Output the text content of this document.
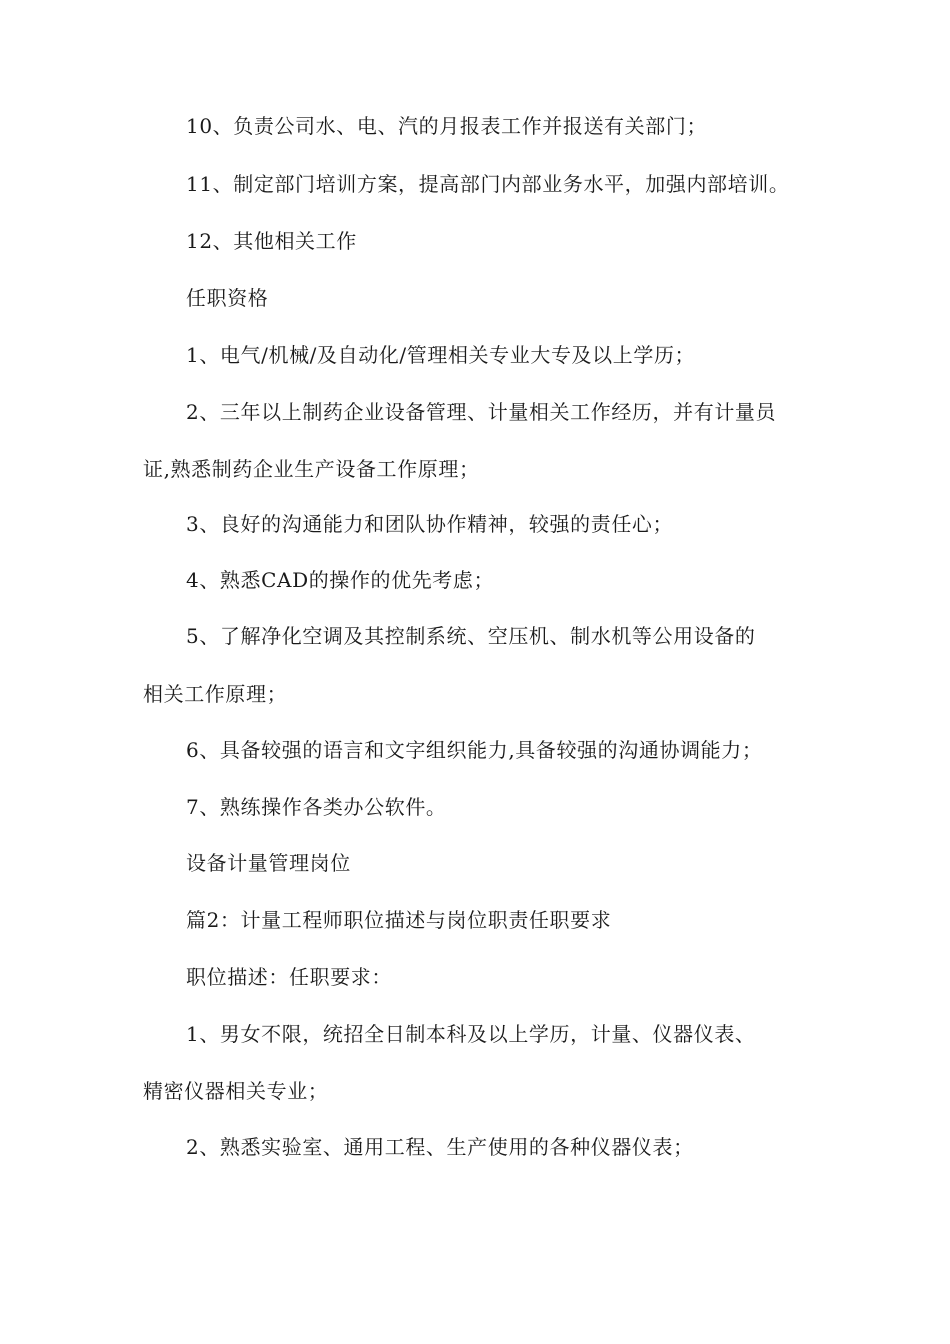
10、负责公司水、电、汽的月报表工作并报送有关部门；
11、制定部门培训方案，提高部门内部业务水平，加强内部培训。
12、其他相关工作
任职资格
1、电气/机械/及自动化/管理相关专业大专及以上学历；
2、三年以上制药企业设备管理、计量相关工作经历，并有计量员
证,熟悉制药企业生产设备工作原理；
3、良好的沟通能力和团队协作精神，较强的责任心；
4、熟悉CAD的操作的优先考虑；
5、了解净化空调及其控制系统、空压机、制水机等公用设备的
相关工作原理；
6、具备较强的语言和文字组织能力,具备较强的沟通协调能力；
7、熟练操作各类办公软件。
设备计量管理岗位
篇2：计量工程师职位描述与岗位职责任职要求
职位描述：任职要求：
1、男女不限，统招全日制本科及以上学历，计量、仪器仪表、
精密仪器相关专业；
2、熟悉实验室、通用工程、生产使用的各种仪器仪表；
